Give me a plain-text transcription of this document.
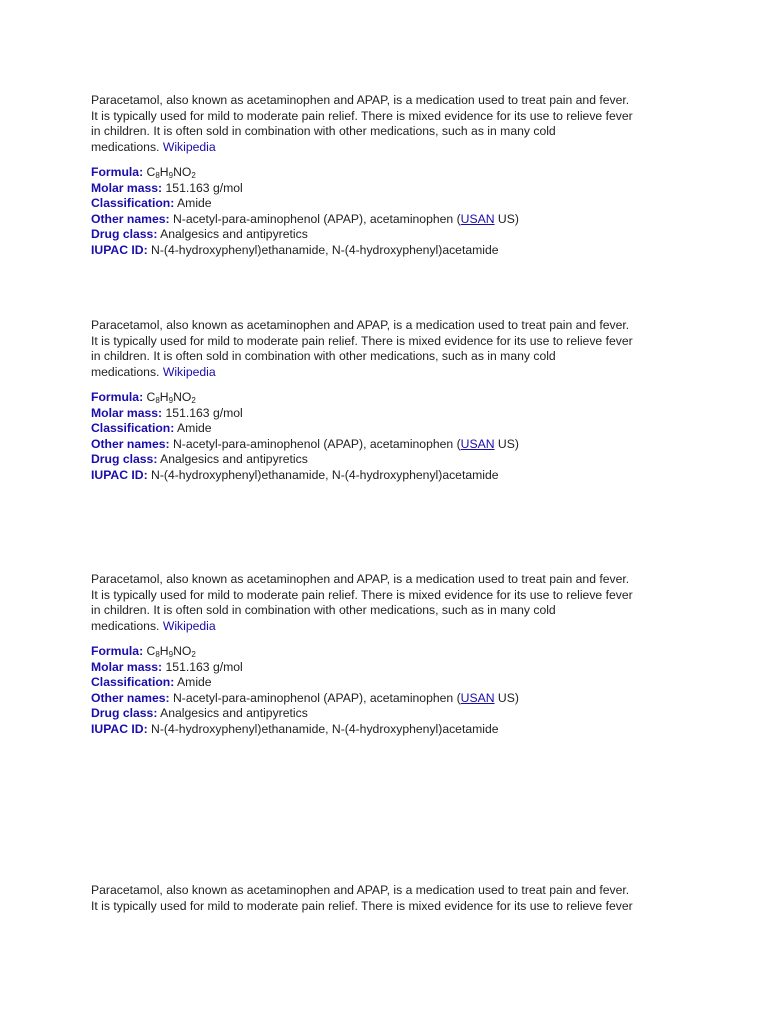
Paracetamol, also known as acetaminophen and APAP, is a medication used to treat pain and fever.
It is typically used for mild to moderate pain relief. There is mixed evidence for its use to relieve fever
in children. It is often sold in combination with other medications, such as in many cold
medications. Wikipedia

Formula: $C_8H_9NO_2$
Molar mass: 151.163 g/mol
Classification: Amide
Other names: N-acetyl-para-aminophenol (APAP), acetaminophen (USAN US)
Drug class: Analgesics and antipyretics
IUPAC ID: N-(4-hydroxyphenyl)ethanamide, N-(4-hydroxyphenyl)acetamide

Paracetamol, also known as acetaminophen and APAP, is a medication used to treat pain and fever.
It is typically used for mild to moderate pain relief. There is mixed evidence for its use to relieve fever
in children. It is often sold in combination with other medications, such as in many cold
medications. Wikipedia

Formula: $C_8H_9NO_2$
Molar mass: 151.163 g/mol
Classification: Amide
Other names: N-acetyl-para-aminophenol (APAP), acetaminophen (USAN US)
Drug class: Analgesics and antipyretics
IUPAC ID: N-(4-hydroxyphenyl)ethanamide, N-(4-hydroxyphenyl)acetamide

Paracetamol, also known as acetaminophen and APAP, is a medication used to treat pain and fever.
It is typically used for mild to moderate pain relief. There is mixed evidence for its use to relieve fever
in children. It is often sold in combination with other medications, such as in many cold
medications. Wikipedia

Formula: $C_8H_9NO_2$
Molar mass: 151.163 g/mol
Classification: Amide
Other names: N-acetyl-para-aminophenol (APAP), acetaminophen (USAN US)
Drug class: Analgesics and antipyretics
IUPAC ID: N-(4-hydroxyphenyl)ethanamide, N-(4-hydroxyphenyl)acetamide

Paracetamol, also known as acetaminophen and APAP, is a medication used to treat pain and fever.
It is typically used for mild to moderate pain relief. There is mixed evidence for its use to relieve fever
